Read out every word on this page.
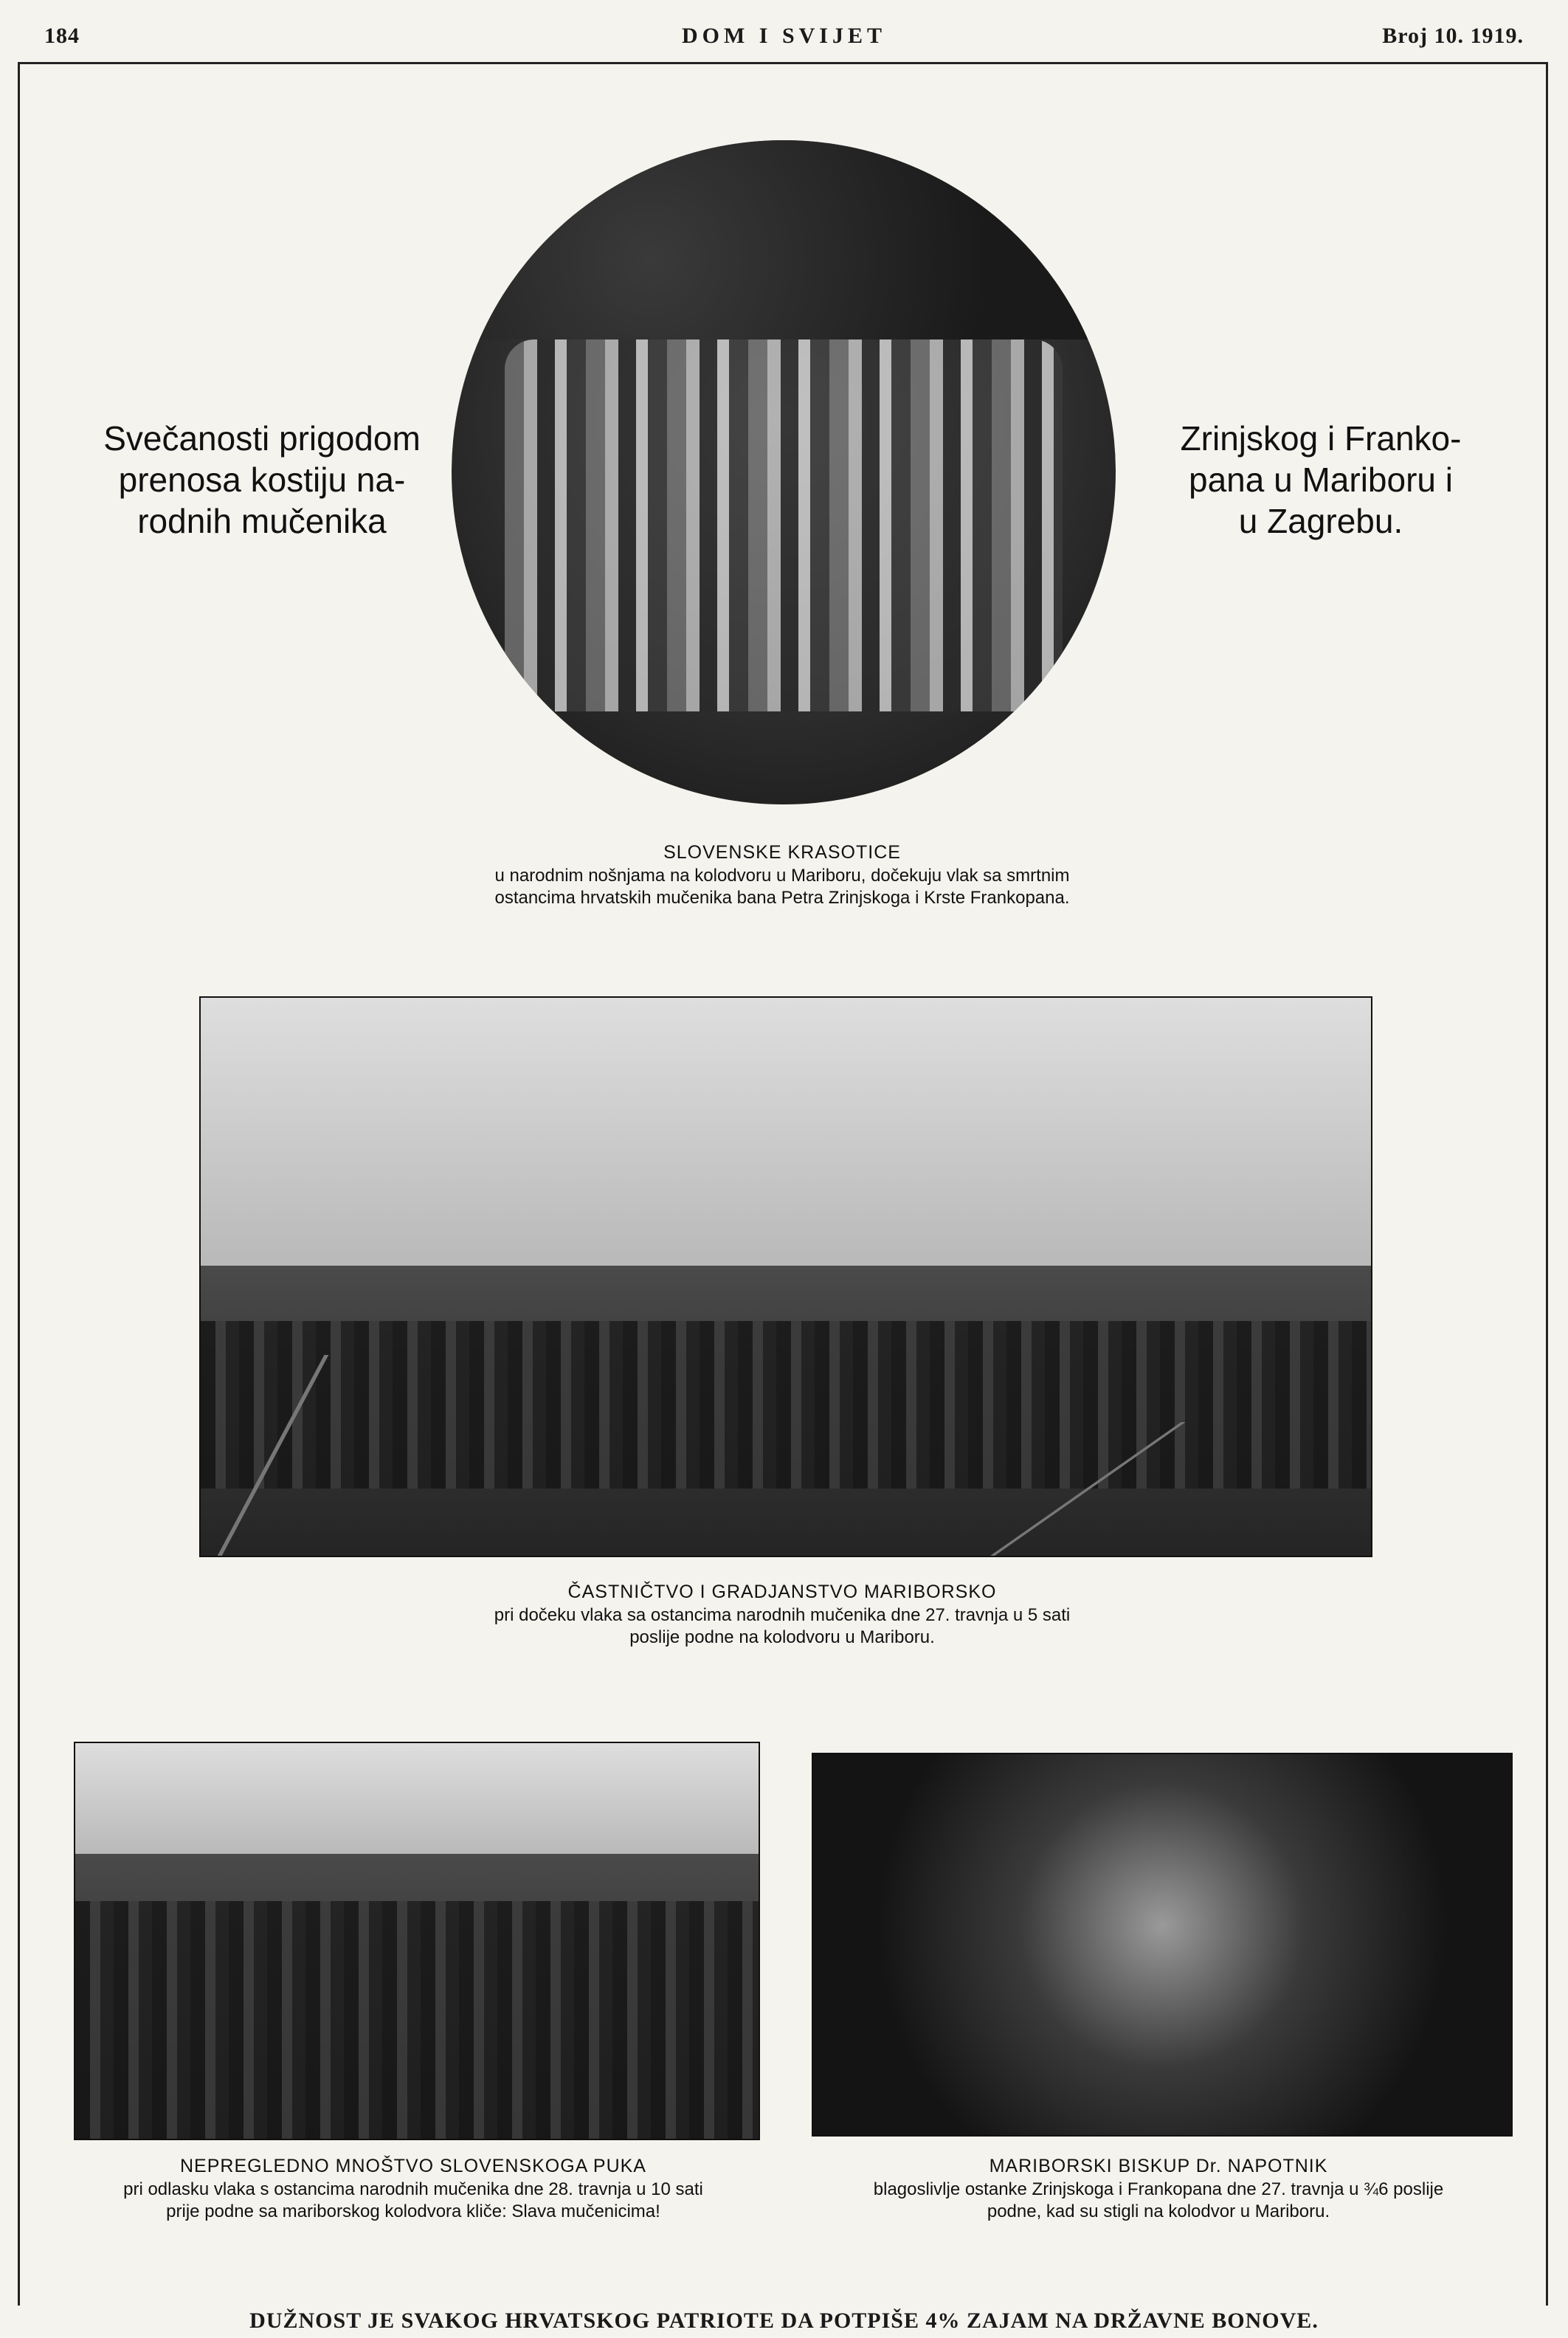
184	DOM I SVIJET	Broj 10. 1919.
Svečanosti prigodom
prenosa kostiju na-
rodnih mučenika
Zrinjskog i Franko-
pana u Mariboru i
u Zagrebu.
SLOVENSKE KRASOTICE
u narodnim nošnjama na kolodvoru u Mariboru, dočekuju vlak sa smrtnim
ostancima hrvatskih mučenika bana Petra Zrinjskoga i Krste Frankopana.
ČASTNIČTVO I GRADJANSTVO MARIBORSKO
pri dočeku vlaka sa ostancima narodnih mučenika dne 27. travnja u 5 sati
poslije podne na kolodvoru u Mariboru.
NEPREGLEDNO MNOŠTVO SLOVENSKOGA PUKA
pri odlasku vlaka s ostancima narodnih mučenika dne 28. travnja u 10 sati
prije podne sa mariborskog kolodvora kliče: Slava mučenicima!
MARIBORSKI BISKUP Dr. NAPOTNIK
blagoslivlje ostanke Zrinjskoga i Frankopana dne 27. travnja u ¾6 poslije
podne, kad su stigli na kolodvor u Mariboru.
DUŽNOST JE SVAKOG HRVATSKOG PATRIOTE DA POTPIŠE 4% ZAJAM NA DRŽAVNE BONOVE.
